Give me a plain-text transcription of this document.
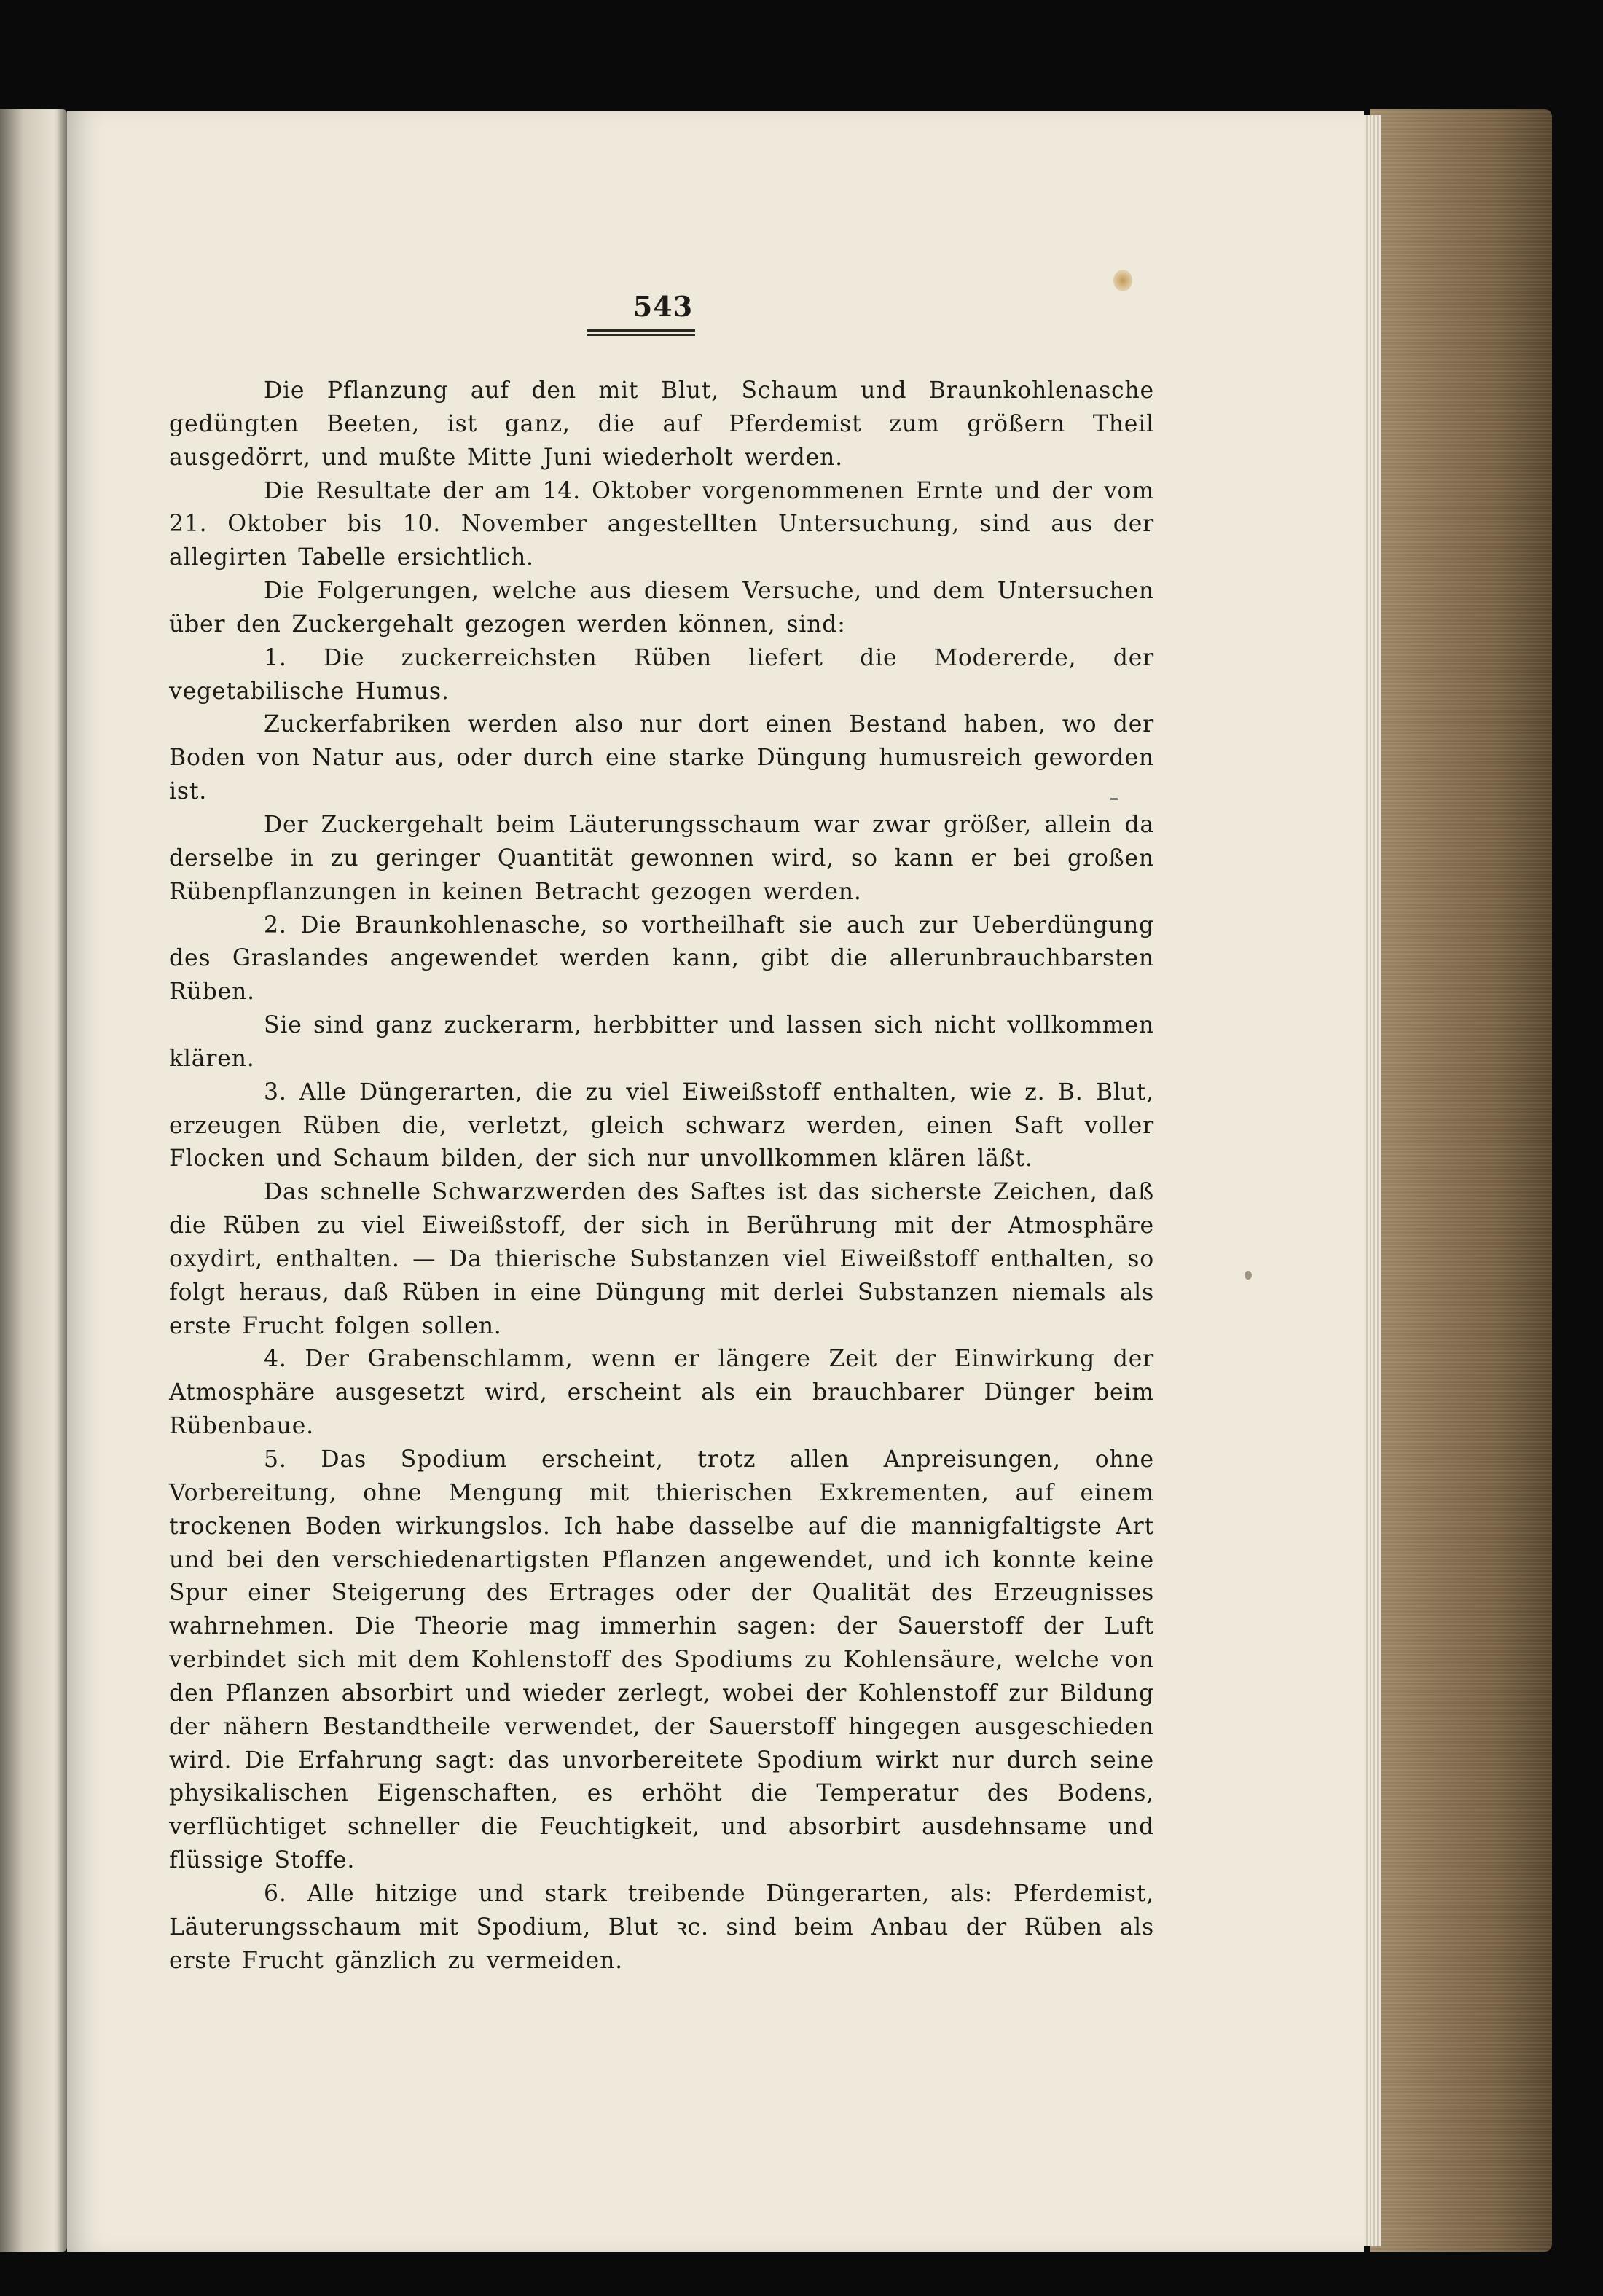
543

Die Pflanzung auf den mit Blut, Schaum und Braunkohlenasche gedüngten Beeten, ist ganz, die auf Pferdemist zum größern Theil ausgedörrt, und mußte Mitte Juni wiederholt werden.

Die Resultate der am 14. Oktober vorgenommenen Ernte und der vom 21. Oktober bis 10. November angestellten Untersuchung, sind aus der allegirten Tabelle ersichtlich.

Die Folgerungen, welche aus diesem Versuche, und dem Untersuchen über den Zuckergehalt gezogen werden können, sind:

1. Die zuckerreichsten Rüben liefert die Modererde, der vegetabilische Humus.

Zuckerfabriken werden also nur dort einen Bestand haben, wo der Boden von Natur aus, oder durch eine starke Düngung humusreich geworden ist.

Der Zuckergehalt beim Läuterungsschaum war zwar größer, allein da derselbe in zu geringer Quantität gewonnen wird, so kann er bei großen Rübenpflanzungen in keinen Betracht gezogen werden.

2. Die Braunkohlenasche, so vortheilhaft sie auch zur Ueberdüngung des Graslandes angewendet werden kann, gibt die allerunbrauchbarsten Rüben.

Sie sind ganz zuckerarm, herbbitter und lassen sich nicht vollkommen klären.

3. Alle Düngerarten, die zu viel Eiweißstoff enthalten, wie z. B. Blut, erzeugen Rüben die, verletzt, gleich schwarz werden, einen Saft voller Flocken und Schaum bilden, der sich nur unvollkommen klären läßt.

Das schnelle Schwarzwerden des Saftes ist das sicherste Zeichen, daß die Rüben zu viel Eiweißstoff, der sich in Berührung mit der Atmosphäre oxydirt, enthalten. — Da thierische Substanzen viel Eiweißstoff enthalten, so folgt heraus, daß Rüben in eine Düngung mit derlei Substanzen niemals als erste Frucht folgen sollen.

4. Der Grabenschlamm, wenn er längere Zeit der Einwirkung der Atmosphäre ausgesetzt wird, erscheint als ein brauchbarer Dünger beim Rübenbaue.

5. Das Spodium erscheint, trotz allen Anpreisungen, ohne Vorbereitung, ohne Mengung mit thierischen Exkrementen, auf einem trockenen Boden wirkungslos. Ich habe dasselbe auf die mannigfaltigste Art und bei den verschiedenartigsten Pflanzen angewendet, und ich konnte keine Spur einer Steigerung des Ertrages oder der Qualität des Erzeugnisses wahrnehmen. Die Theorie mag immerhin sagen: der Sauerstoff der Luft verbindet sich mit dem Kohlenstoff des Spodiums zu Kohlensäure, welche von den Pflanzen absorbirt und wieder zerlegt, wobei der Kohlenstoff zur Bildung der nähern Bestandtheile verwendet, der Sauerstoff hingegen ausgeschieden wird. Die Erfahrung sagt: das unvorbereitete Spodium wirkt nur durch seine physikalischen Eigenschaften, es erhöht die Temperatur des Bodens, verflüchtiget schneller die Feuchtigkeit, und absorbirt ausdehnsame und flüssige Stoffe.

6. Alle hitzige und stark treibende Düngerarten, als: Pferdemist, Läuterungsschaum mit Spodium, Blut ꝛc. sind beim Anbau der Rüben als erste Frucht gänzlich zu vermeiden.
